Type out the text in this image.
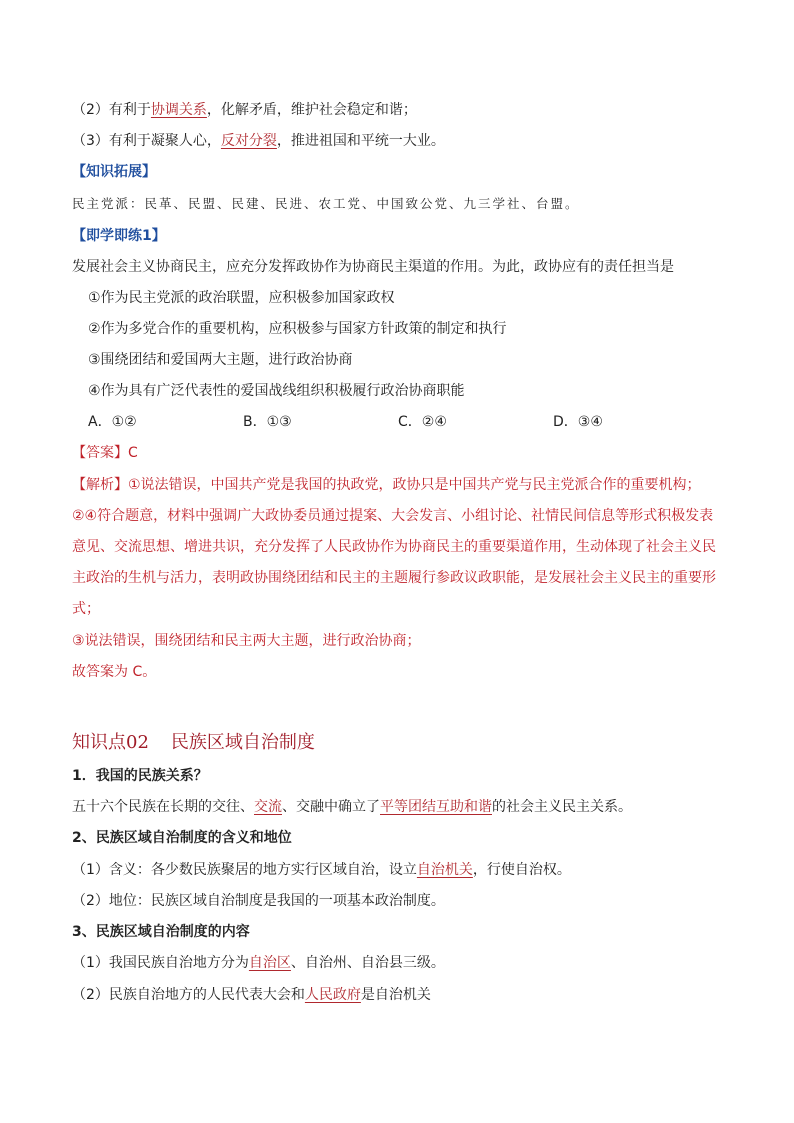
（2）有利于协调关系，化解矛盾，维护社会稳定和谐；
（3）有利于凝聚人心，反对分裂，推进祖国和平统一大业。
【知识拓展】
民主党派：民革、民盟、民建、民进、农工党、中国致公党、九三学社、台盟。
【即学即练1】
发展社会主义协商民主，应充分发挥政协作为协商民主渠道的作用。为此，政协应有的责任担当是
①作为民主党派的政治联盟，应积极参加国家政权
②作为多党合作的重要机构，应积极参与国家方针政策的制定和执行
③围绕团结和爱国两大主题，进行政治协商
④作为具有广泛代表性的爱国战线组织积极履行政治协商职能
A．①②	B．①③	C．②④	D．③④
【答案】C
【解析】①说法错误，中国共产党是我国的执政党，政协只是中国共产党与民主党派合作的重要机构；
②④符合题意，材料中强调广大政协委员通过提案、大会发言、小组讨论、社情民间信息等形式积极发表
意见、交流思想、增进共识，充分发挥了人民政协作为协商民主的重要渠道作用，生动体现了社会主义民
主政治的生机与活力，表明政协围绕团结和民主的主题履行参政议政职能，是发展社会主义民主的重要形
式；
③说法错误，围绕团结和民主两大主题，进行政治协商；
故答案为 C。
知识点02 民族区域自治制度
1．我国的民族关系？
五十六个民族在长期的交往、交流、交融中确立了平等团结互助和谐的社会主义民主关系。
2、民族区域自治制度的含义和地位
（1）含义：各少数民族聚居的地方实行区域自治，设立自治机关，行使自治权。
（2）地位：民族区域自治制度是我国的一项基本政治制度。
3、民族区域自治制度的内容
（1）我国民族自治地方分为自治区、自治州、自治县三级。
（2）民族自治地方的人民代表大会和人民政府是自治机关
